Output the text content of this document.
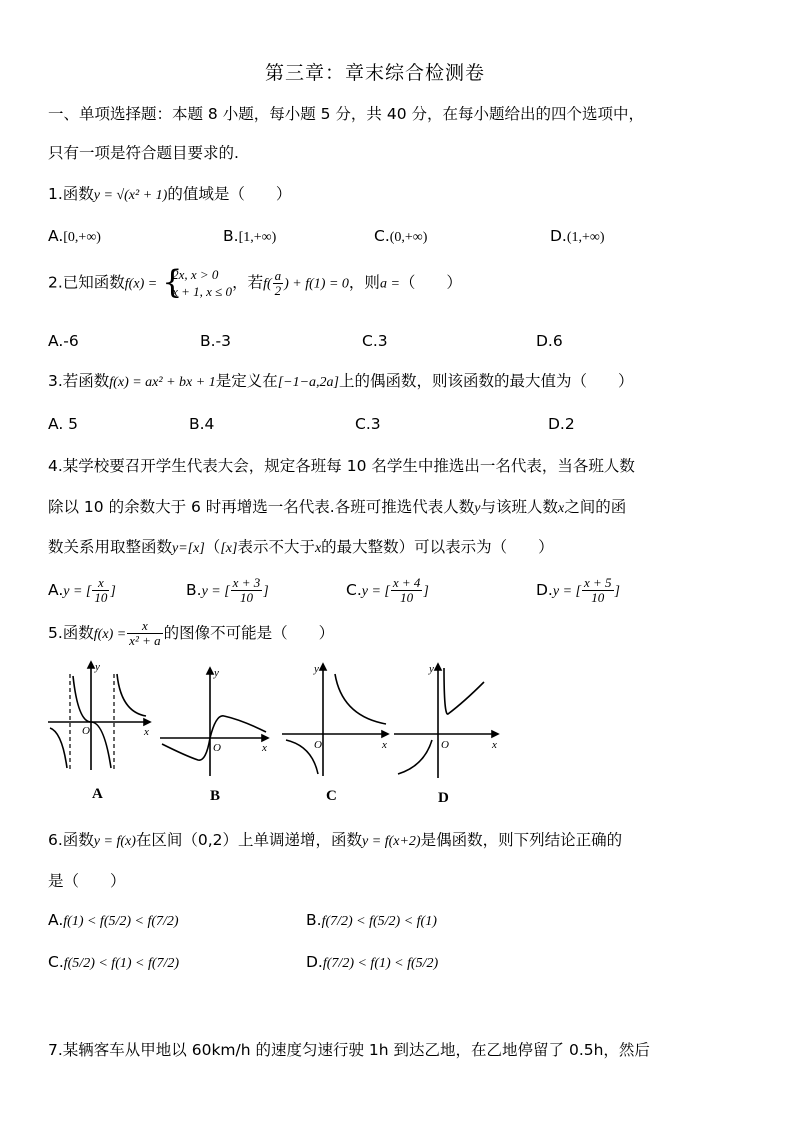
第三章：章末综合检测卷
一、单项选择题：本题 8 小题，每小题 5 分，共 40 分，在每小题给出的四个选项中，
只有一项是符合题目要求的.
1.函数y = √(x² + 1)的值域是（　　）
A.[0,+∞)	B.[1,+∞)	C.(0,+∞)	D.(1,+∞)
2.已知函数f(x) = {
2x, x > 0
x + 1, x ≤ 0 ，若$f( \frac{a}{2}$ ) + f(1) = 0，则a =（　　）
A.-6	B.-3	C.3	D.6
3.若函数f(x) = ax² + bx + 1是定义在[−1−a,2a]上的偶函数，则该函数的最大值为（　　）
A. 5	B.4	C.3	D.2
4.某学校要召开学生代表大会，规定各班每 10 名学生中推选出一名代表，当各班人数
除以 10 的余数大于 6 时再增选一名代表.各班可推选代表人数y与该班人数x之间的函
数关系用取整函数y=[x]（[x]表示不大于x的最大整数）可以表示为（　　）
A.y = [ $\frac{x}{10}$ ]	B.y = [ $\frac{x + 3}{10}$ ]	C.y = [ $\frac{x + 4}{10}$ ]	D.y = [ $\frac{x + 5}{10}$ ]
5.函数$f(x) = \frac{x}{\text{x² + a}}$ 的图像不可能是（　　）
y
x
O
y
x
O
y
x
O
y
x
O
A	B	C	D
6.函数y = f(x)在区间（0,2）上单调递增，函数y = f(x+2)是偶函数，则下列结论正确的
是（　　）
A.f(1) < f(5/2) < f(7/2)	B.f(7/2) < f(5/2) < f(1)
C.f(5/2) < f(1) < f(7/2)	D.f(7/2) < f(1) < f(5/2)
7.某辆客车从甲地以 60km/h 的速度匀速行驶 1h 到达乙地，在乙地停留了 0.5h，然后
